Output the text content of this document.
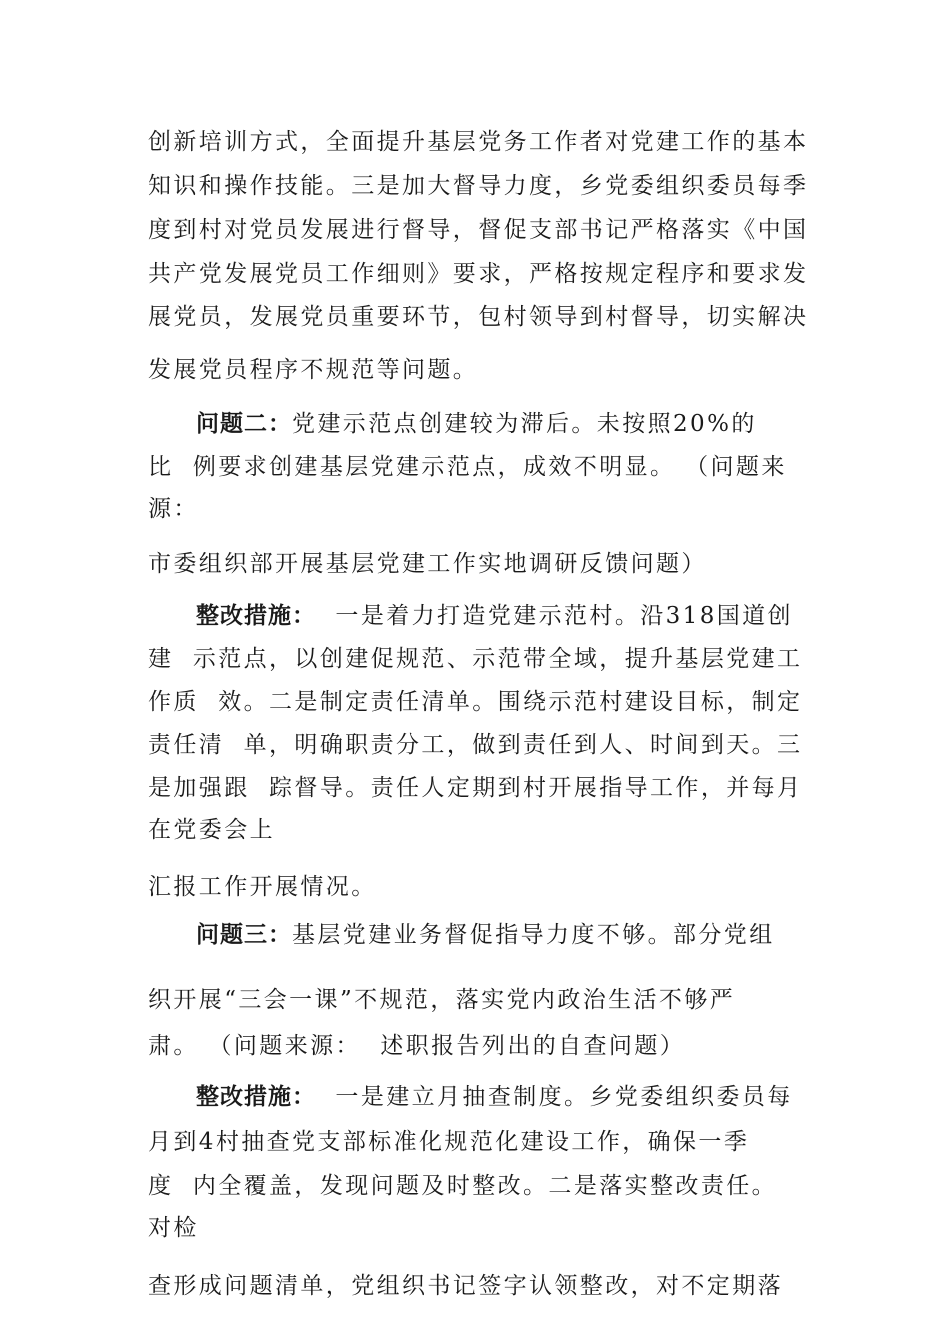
创新培训方式，全面提升基层党务工作者对党建工作的基本
知识和操作技能。三是加大督导力度，乡党委组织委员每季
度到村对党员发展进行督导，督促支部书记严格落实《中国
共产党发展党员工作细则》要求，严格按规定程序和要求发
展党员，发展党员重要环节，包村领导到村督导，切实解决
发展党员程序不规范等问题。
问题二：党建示范点创建较为滞后。未按照20%的
比  例要求创建基层党建示范点，成效不明显。 （问题来
源：
市委组织部开展基层党建工作实地调研反馈问题）
整改措施：  一是着力打造党建示范村。沿318国道创
建  示范点，以创建促规范、示范带全域，提升基层党建工
作质  效。二是制定责任清单。围绕示范村建设目标，制定
责任清  单，明确职责分工，做到责任到人、时间到天。三
是加强跟  踪督导。责任人定期到村开展指导工作，并每月
在党委会上
汇报工作开展情况。
问题三：基层党建业务督促指导力度不够。部分党组
织开展“三会一课”不规范，落实党内政治生活不够严
肃。 （问题来源：  述职报告列出的自查问题）
整改措施：  一是建立月抽查制度。乡党委组织委员每
月到4村抽查党支部标准化规范化建设工作，确保一季
度  内全覆盖，发现问题及时整改。二是落实整改责任。
对检
查形成问题清单，党组织书记签字认领整改，对不定期落
